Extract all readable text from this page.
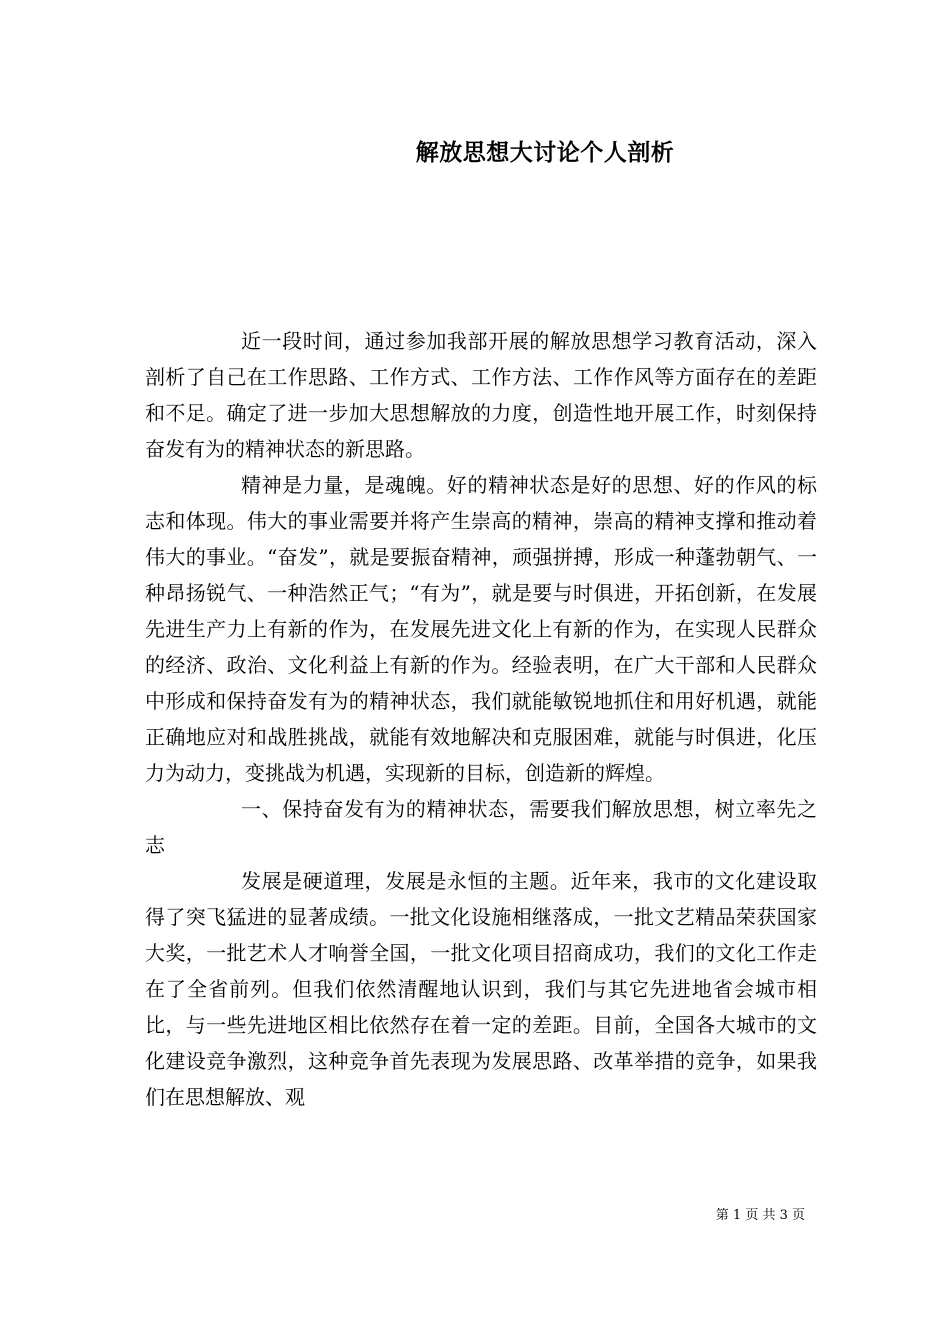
解放思想大讨论个人剖析

近一段时间，通过参加我部开展的解放思想学习教育活动，深入剖析了自己在工作思路、工作方式、工作方法、工作作风等方面存在的差距和不足。确定了进一步加大思想解放的力度，创造性地开展工作，时刻保持奋发有为的精神状态的新思路。

精神是力量，是魂魄。好的精神状态是好的思想、好的作风的标志和体现。伟大的事业需要并将产生崇高的精神，崇高的精神支撑和推动着伟大的事业。“奋发”，就是要振奋精神，顽强拼搏，形成一种蓬勃朝气、一种昂扬锐气、一种浩然正气；“有为”，就是要与时俱进，开拓创新，在发展先进生产力上有新的作为，在发展先进文化上有新的作为，在实现人民群众的经济、政治、文化利益上有新的作为。经验表明，在广大干部和人民群众中形成和保持奋发有为的精神状态，我们就能敏锐地抓住和用好机遇，就能正确地应对和战胜挑战，就能有效地解决和克服困难，就能与时俱进，化压力为动力，变挑战为机遇，实现新的目标，创造新的辉煌。

一、保持奋发有为的精神状态，需要我们解放思想，树立率先之志

发展是硬道理，发展是永恒的主题。近年来，我市的文化建设取得了突飞猛进的显著成绩。一批文化设施相继落成，一批文艺精品荣获国家大奖，一批艺术人才响誉全国，一批文化项目招商成功，我们的文化工作走在了全省前列。但我们依然清醒地认识到，我们与其它先进地省会城市相比，与一些先进地区相比依然存在着一定的差距。目前，全国各大城市的文化建设竞争激烈，这种竞争首先表现为发展思路、改革举措的竞争，如果我们在思想解放、观

第 1 页 共 3 页
